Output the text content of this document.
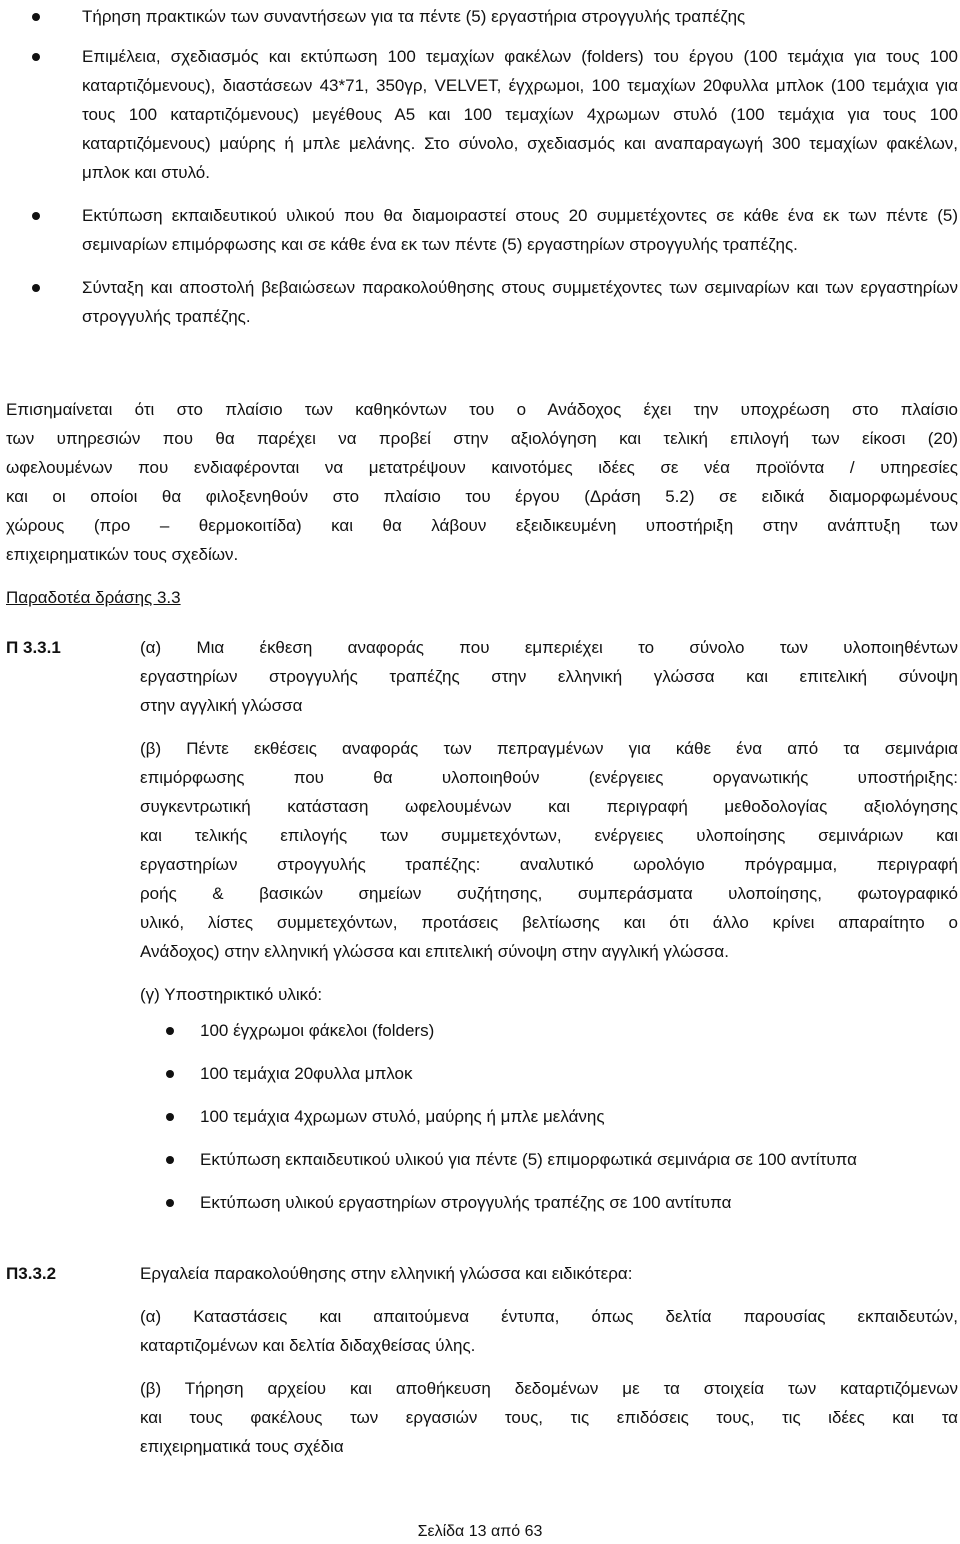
Τήρηση πρακτικών των συναντήσεων για τα πέντε (5) εργαστήρια στρογγυλής τραπέζης
Επιμέλεια, σχεδιασμός και εκτύπωση 100 τεμαχίων φακέλων (folders) του έργου (100 τεμάχια για τους 100 καταρτιζόμενους), διαστάσεων 43*71, 350γρ, VELVET, έγχρωμοι, 100 τεμαχίων 20φυλλα μπλοκ (100 τεμάχια για τους 100 καταρτιζόμενους) μεγέθους Α5 και 100 τεμαχίων 4χρωμων στυλό (100 τεμάχια για τους 100 καταρτιζόμενους) μαύρης ή μπλε μελάνης. Στο σύνολο, σχεδιασμός και αναπαραγωγή 300 τεμαχίων φακέλων, μπλοκ και στυλό.
Εκτύπωση εκπαιδευτικού υλικού που θα διαμοιραστεί στους 20 συμμετέχοντες σε κάθε ένα εκ των πέντε (5) σεμιναρίων επιμόρφωσης και σε κάθε ένα εκ των πέντε (5) εργαστηρίων στρογγυλής τραπέζης.
Σύνταξη και αποστολή βεβαιώσεων παρακολούθησης στους συμμετέχοντες των σεμιναρίων και των εργαστηρίων στρογγυλής τραπέζης.
Επισημαίνεται ότι στο πλαίσιο των καθηκόντων του ο Ανάδοχος έχει την υποχρέωση στο πλαίσιο
των υπηρεσιών που θα παρέχει να προβεί στην αξιολόγηση και τελική επιλογή των είκοσι (20)
ωφελουμένων που ενδιαφέρονται να μετατρέψουν καινοτόμες ιδέες σε νέα προϊόντα / υπηρεσίες
και οι οποίοι θα φιλοξενηθούν στο πλαίσιο του έργου (Δράση 5.2) σε ειδικά διαμορφωμένους
χώρους (προ – θερμοκοιτίδα) και θα λάβουν εξειδικευμένη υποστήριξη στην ανάπτυξη των
επιχειρηματικών τους σχεδίων.
Παραδοτέα δράσης 3.3
Π 3.3.1	(α) Μια έκθεση αναφοράς που εμπεριέχει το σύνολο των υλοποιηθέντων
εργαστηρίων στρογγυλής τραπέζης στην ελληνική γλώσσα και επιτελική σύνοψη
στην αγγλική γλώσσα
(β) Πέντε εκθέσεις αναφοράς των πεπραγμένων για κάθε ένα από τα σεμινάρια
επιμόρφωσης που θα υλοποιηθούν (ενέργειες οργανωτικής υποστήριξης:
συγκεντρωτική κατάσταση ωφελουμένων και περιγραφή μεθοδολογίας αξιολόγησης
και τελικής επιλογής των συμμετεχόντων, ενέργειες υλοποίησης σεμινάριων και
εργαστηρίων στρογγυλής τραπέζης: αναλυτικό ωρολόγιο πρόγραμμα, περιγραφή
ροής & βασικών σημείων συζήτησης, συμπεράσματα υλοποίησης, φωτογραφικό
υλικό, λίστες συμμετεχόντων, προτάσεις βελτίωσης και ότι άλλο κρίνει απαραίτητο ο
Ανάδοχος) στην ελληνική γλώσσα και επιτελική σύνοψη στην αγγλική γλώσσα.
(γ) Υποστηρικτικό υλικό:
100 έγχρωμοι φάκελοι (folders)
100 τεμάχια 20φυλλα μπλοκ
100 τεμάχια 4χρωμων στυλό, μαύρης ή μπλε μελάνης
Εκτύπωση εκπαιδευτικού υλικού για πέντε (5) επιμορφωτικά σεμινάρια σε 100 αντίτυπα
Εκτύπωση υλικού εργαστηρίων στρογγυλής τραπέζης σε 100 αντίτυπα
Π3.3.2	Εργαλεία παρακολούθησης στην ελληνική γλώσσα και ειδικότερα:
(α) Καταστάσεις και απαιτούμενα έντυπα, όπως δελτία παρουσίας εκπαιδευτών,
καταρτιζομένων και δελτία διδαχθείσας ύλης.
(β) Τήρηση αρχείου και αποθήκευση δεδομένων με τα στοιχεία των καταρτιζόμενων
και τους φακέλους των εργασιών τους, τις επιδόσεις τους, τις ιδέες και τα
επιχειρηματικά τους σχέδια
Σελίδα 13 από 63
